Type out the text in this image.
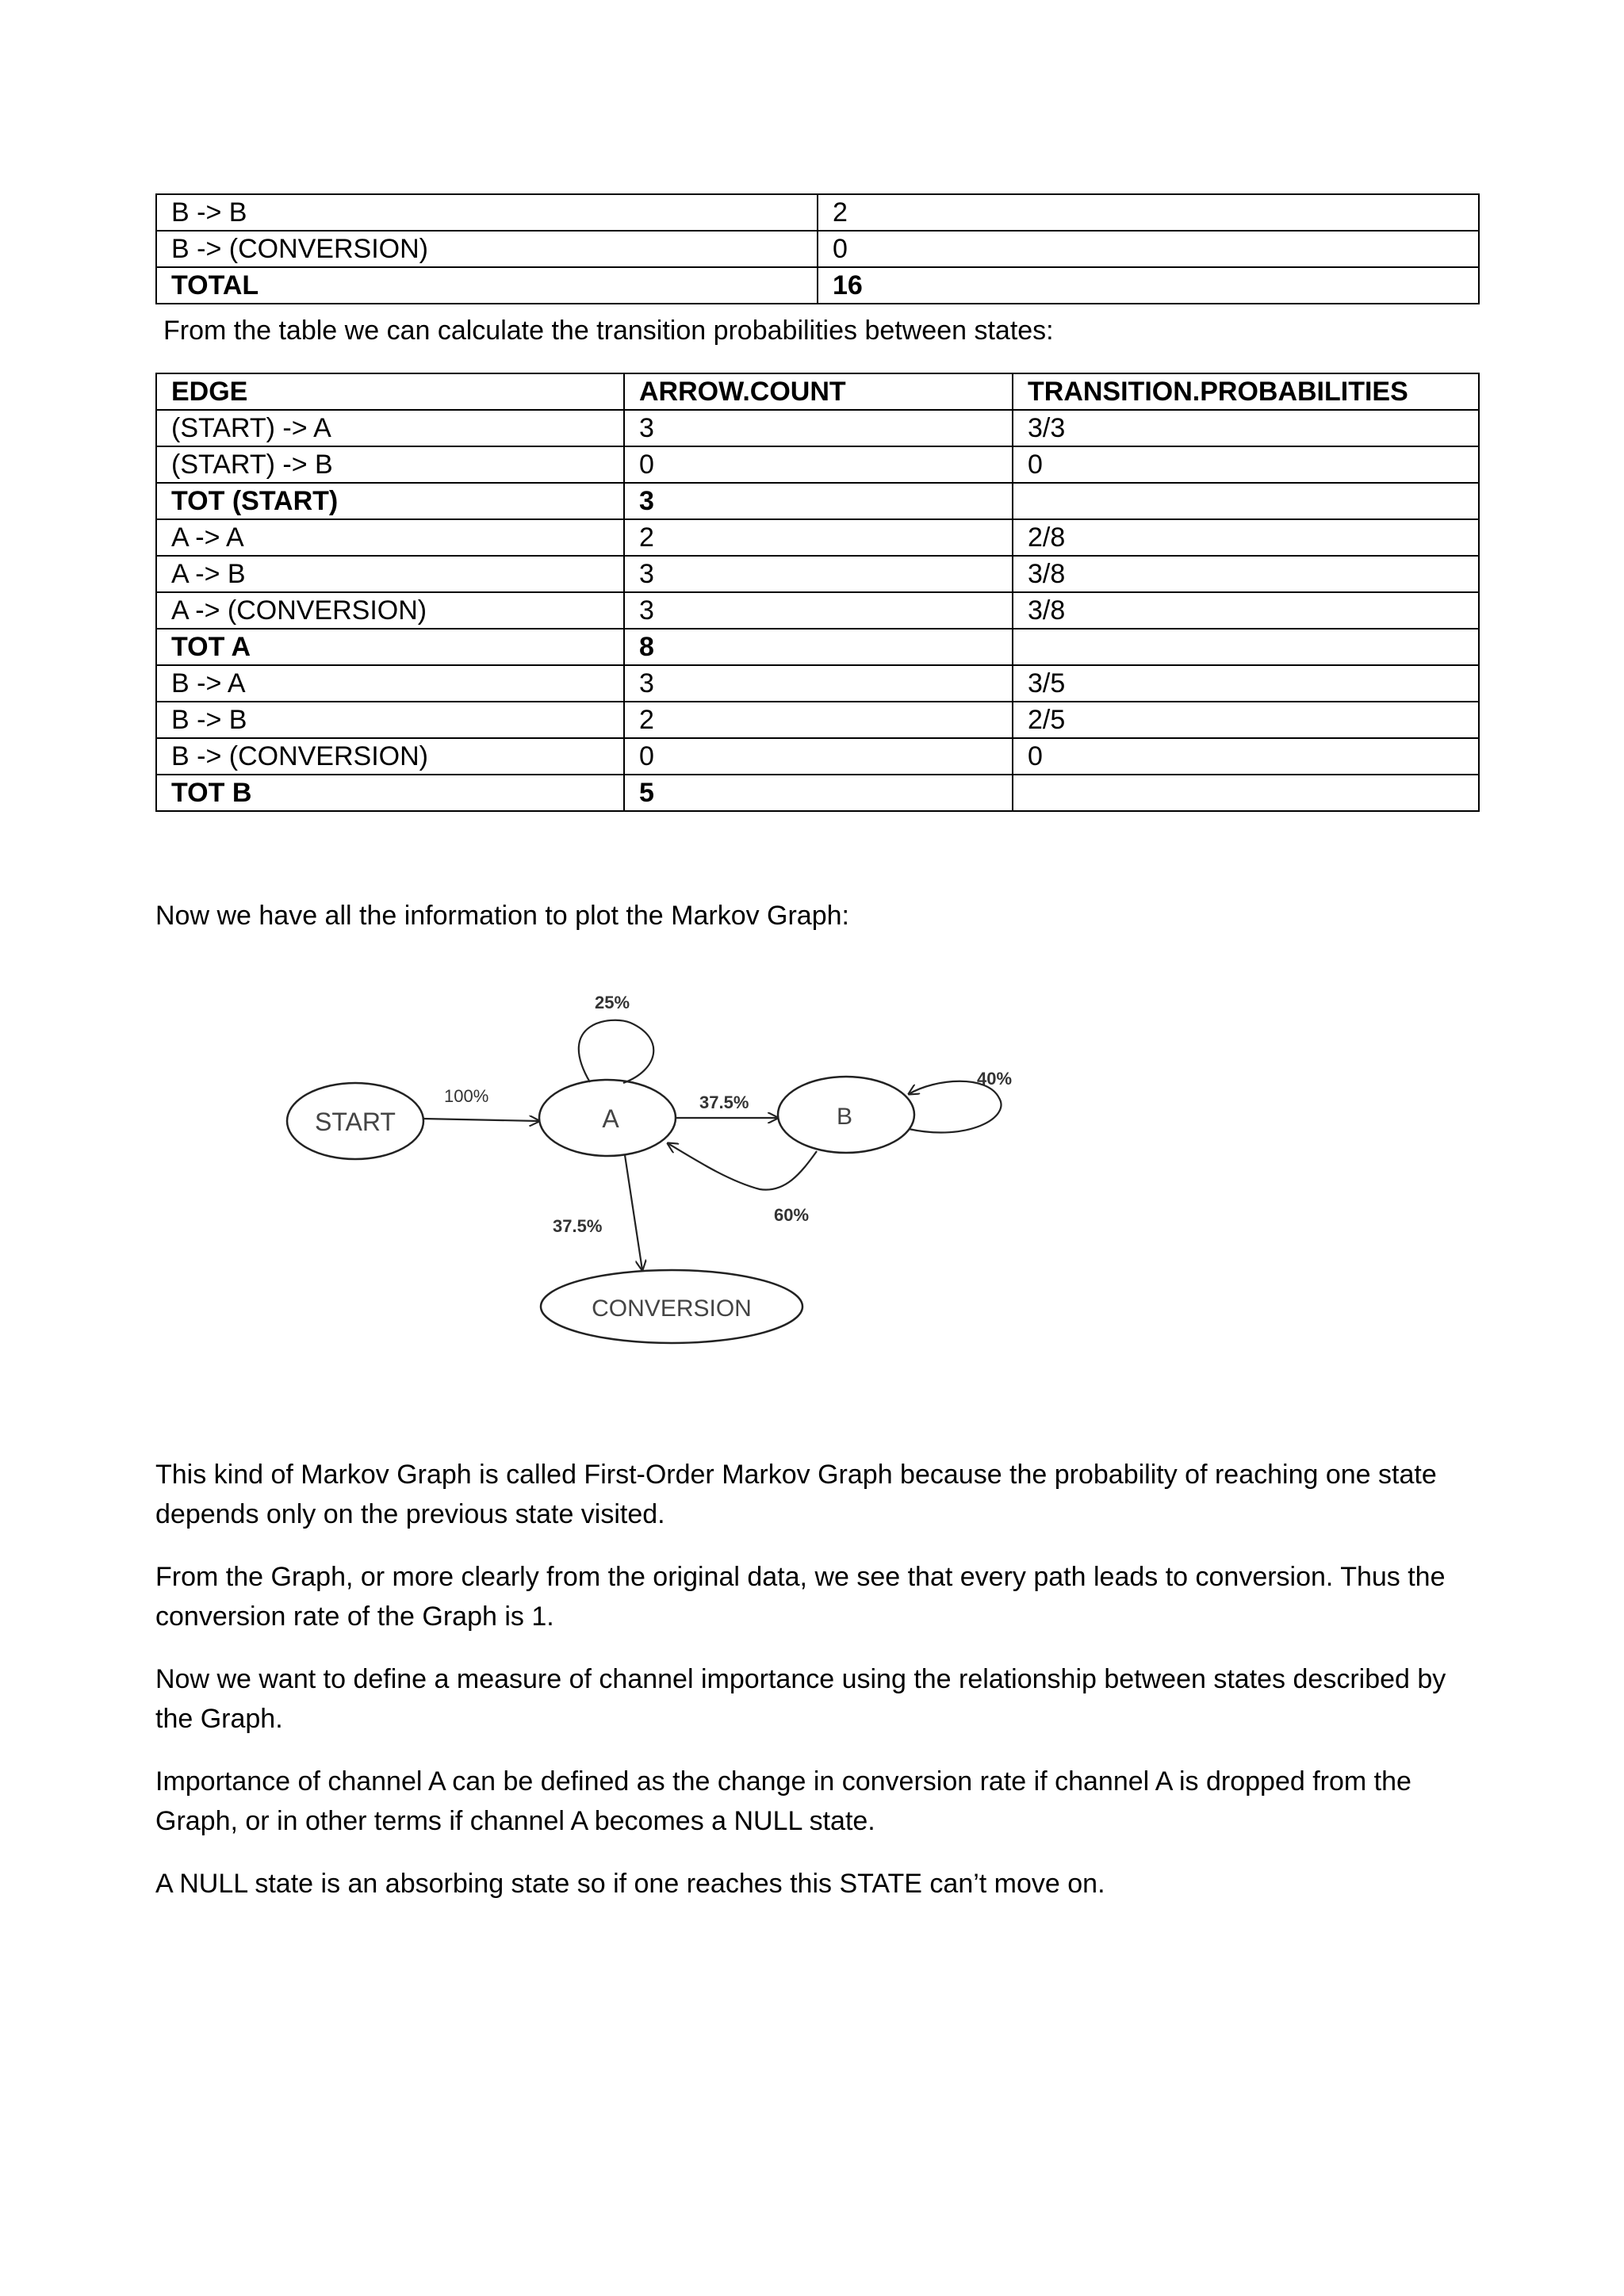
B -> B	2
B -> (CONVERSION)	0
TOTAL	16

From the table we can calculate the transition probabilities between states:

EDGE	ARROW.COUNT	TRANSITION.PROBABILITIES
(START) -> A	3	3/3
(START) -> B	0	0
TOT (START)	3	
A -> A	2	2/8
A -> B	3	3/8
A -> (CONVERSION)	3	3/8
TOT A	8	
B -> A	3	3/5
B -> B	2	2/5
B -> (CONVERSION)	0	0
TOT B	5	

Now we have all the information to plot the Markov Graph:

START	A	B
CONVERSION
100%
25%
37.5%
40%
60%
37.5%

This kind of Markov Graph is called First-Order Markov Graph because the probability of reaching one state depends only on the previous state visited.

From the Graph, or more clearly from the original data, we see that every path leads to conversion. Thus the conversion rate of the Graph is 1.

Now we want to define a measure of channel importance using the relationship between states described by the Graph.

Importance of channel A can be defined as the change in conversion rate if channel A is dropped from the Graph, or in other terms if channel A becomes a NULL state.

A NULL state is an absorbing state so if one reaches this STATE can’t move on.
